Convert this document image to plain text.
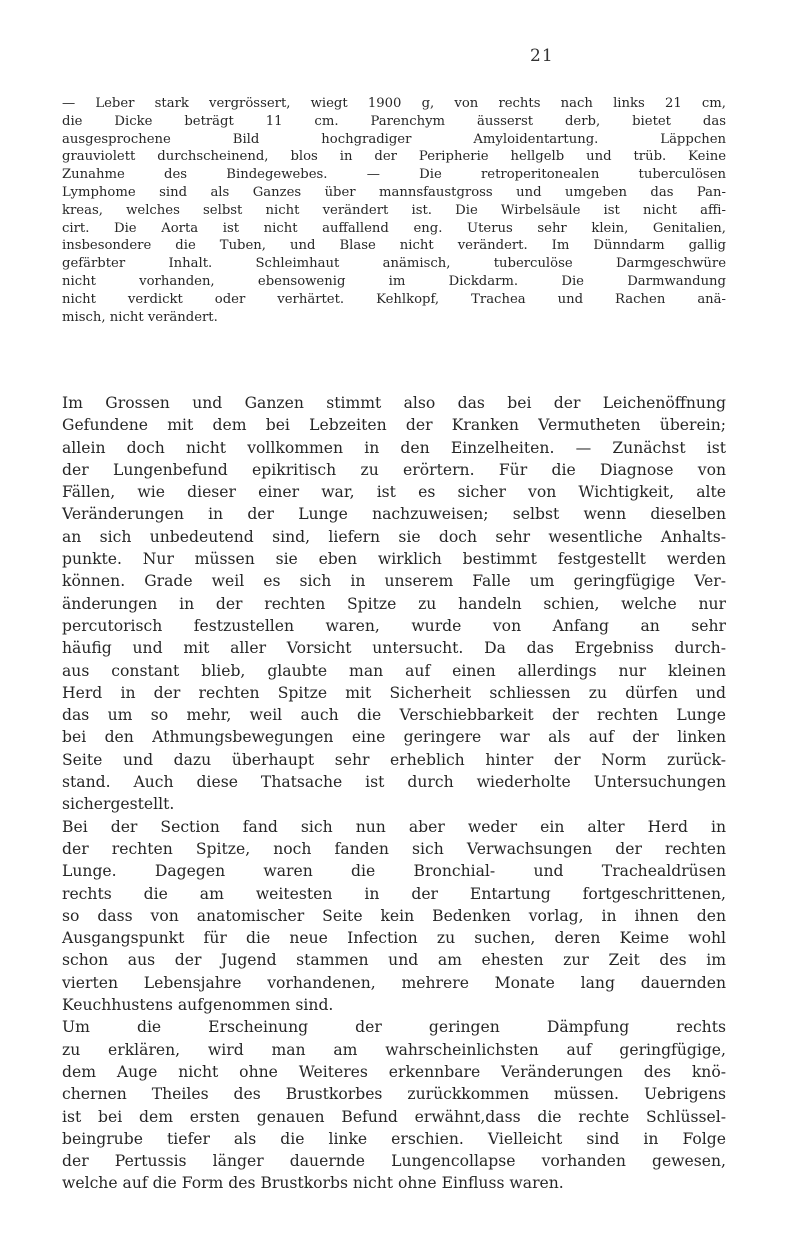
21
— Leber stark vergrössert, wiegt 1900 g, von rechts nach links 21 cm,
die Dicke beträgt 11 cm. Parenchym äusserst derb, bietet das
ausgesprochene Bild hochgradiger Amyloidentartung. Läppchen
grauviolett durchscheinend, blos in der Peripherie hellgelb und trüb. Keine
Zunahme des Bindegewebes. — Die retroperitonealen tuberculösen
Lymphome sind als Ganzes über mannsfaustgross und umgeben das Pan-
kreas, welches selbst nicht verändert ist. Die Wirbelsäule ist nicht affi-
cirt. Die Aorta ist nicht auffallend eng. Uterus sehr klein, Genitalien,
insbesondere die Tuben, und Blase nicht verändert. Im Dünndarm gallig
gefärbter Inhalt. Schleimhaut anämisch, tuberculöse Darmgeschwüre
nicht vorhanden, ebensowenig im Dickdarm. Die Darmwandung
nicht verdickt oder verhärtet. Kehlkopf, Trachea und Rachen anä-
misch, nicht verändert.
Im Grossen und Ganzen stimmt also das bei der Leichenöffnung
Gefundene mit dem bei Lebzeiten der Kranken Vermutheten überein;
allein doch nicht vollkommen in den Einzelheiten. — Zunächst ist
der Lungenbefund epikritisch zu erörtern. Für die Diagnose von
Fällen, wie dieser einer war, ist es sicher von Wichtigkeit, alte
Veränderungen in der Lunge nachzuweisen; selbst wenn dieselben
an sich unbedeutend sind, liefern sie doch sehr wesentliche Anhalts-
punkte. Nur müssen sie eben wirklich bestimmt festgestellt werden
können. Grade weil es sich in unserem Falle um geringfügige Ver-
änderungen in der rechten Spitze zu handeln schien, welche nur
percutorisch festzustellen waren, wurde von Anfang an sehr
häufig und mit aller Vorsicht untersucht. Da das Ergebniss durch-
aus constant blieb, glaubte man auf einen allerdings nur kleinen
Herd in der rechten Spitze mit Sicherheit schliessen zu dürfen und
das um so mehr, weil auch die Verschiebbarkeit der rechten Lunge
bei den Athmungsbewegungen eine geringere war als auf der linken
Seite und dazu überhaupt sehr erheblich hinter der Norm zurück-
stand. Auch diese Thatsache ist durch wiederholte Untersuchungen
sichergestellt.
Bei der Section fand sich nun aber weder ein alter Herd in
der rechten Spitze, noch fanden sich Verwachsungen der rechten
Lunge. Dagegen waren die Bronchial- und Trachealdrüsen
rechts die am weitesten in der Entartung fortgeschrittenen,
so dass von anatomischer Seite kein Bedenken vorlag, in ihnen den
Ausgangspunkt für die neue Infection zu suchen, deren Keime wohl
schon aus der Jugend stammen und am ehesten zur Zeit des im
vierten Lebensjahre vorhandenen, mehrere Monate lang dauernden
Keuchhustens aufgenommen sind.
Um die Erscheinung der geringen Dämpfung rechts
zu erklären, wird man am wahrscheinlichsten auf geringfügige,
dem Auge nicht ohne Weiteres erkennbare Veränderungen des knö-
chernen Theiles des Brustkorbes zurückkommen müssen. Uebrigens
ist bei dem ersten genauen Befund erwähnt,dass die rechte Schlüssel-
beingrube tiefer als die linke erschien. Vielleicht sind in Folge
der Pertussis länger dauernde Lungencollapse vorhanden gewesen,
welche auf die Form des Brustkorbs nicht ohne Einfluss waren.
